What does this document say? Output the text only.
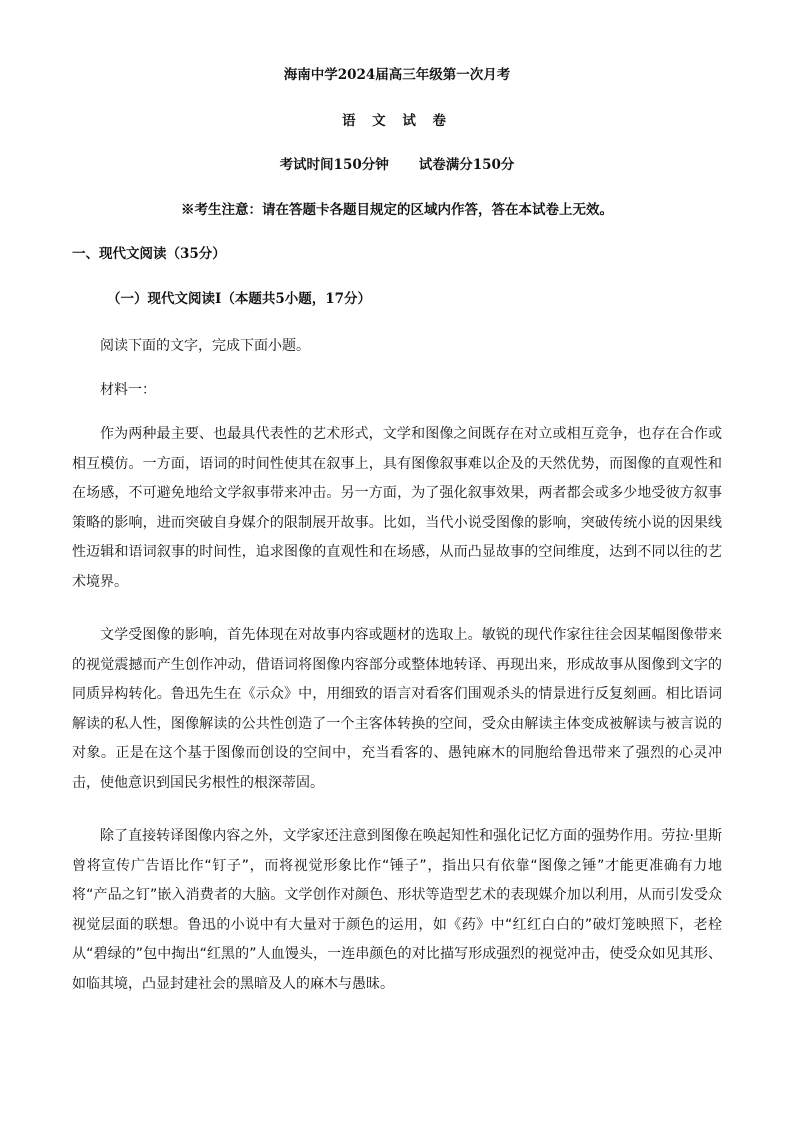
海南中学2024届高三年级第一次月考
语 文 试 卷
考试时间150分钟 试卷满分150分
※考生注意：请在答题卡各题目规定的区域内作答，答在本试卷上无效。
一、现代文阅读（35分）
（一）现代文阅读Ⅰ（本题共5小题，17分）
阅读下面的文字，完成下面小题。
材料一：

作为两种最主要、也最具代表性的艺术形式，文学和图像之间既存在对立或相互竞争，也存在合作或相互模仿。一方面，语词的时间性使其在叙事上，具有图像叙事难以企及的天然优势，而图像的直观性和在场感，不可避免地给文学叙事带来冲击。另一方面，为了强化叙事效果，两者都会或多少地受彼方叙事策略的影响，进而突破自身媒介的限制展开故事。比如，当代小说受图像的影响，突破传统小说的因果线性迈辑和语词叙事的时间性，追求图像的直观性和在场感，从而凸显故事的空间维度，达到不同以往的艺术境界。

文学受图像的影响，首先体现在对故事内容或题材的选取上。敏锐的现代作家往往会因某幅图像带来的视觉震撼而产生创作冲动，借语词将图像内容部分或整体地转译、再现出来，形成故事从图像到文字的同质异构转化。鲁迅先生在《示众》中，用细致的语言对看客们围观杀头的情景进行反复刻画。相比语词解读的私人性，图像解读的公共性创造了一个主客体转换的空间，受众由解读主体变成被解读与被言说的对象。正是在这个基于图像而创设的空间中，充当看客的、愚钝麻木的同胞给鲁迅带来了强烈的心灵冲击，使他意识到国民劣根性的根深蒂固。

除了直接转译图像内容之外，文学家还注意到图像在唤起知性和强化记忆方面的强势作用。劳拉·里斯曾将宣传广告语比作“钉子”，而将视觉形象比作“锤子”，指出只有依靠“图像之锤”才能更准确有力地将“产品之钉”嵌入消费者的大脑。文学创作对颜色、形状等造型艺术的表现媒介加以利用，从而引发受众视觉层面的联想。鲁迅的小说中有大量对于颜色的运用，如《药》中“红红白白的”破灯笼映照下，老栓从“碧绿的”包中掏出“红黑的”人血馒头，一连串颜色的对比描写形成强烈的视觉冲击，使受众如见其形、如临其境，凸显封建社会的黑暗及人的麻木与愚昧。
